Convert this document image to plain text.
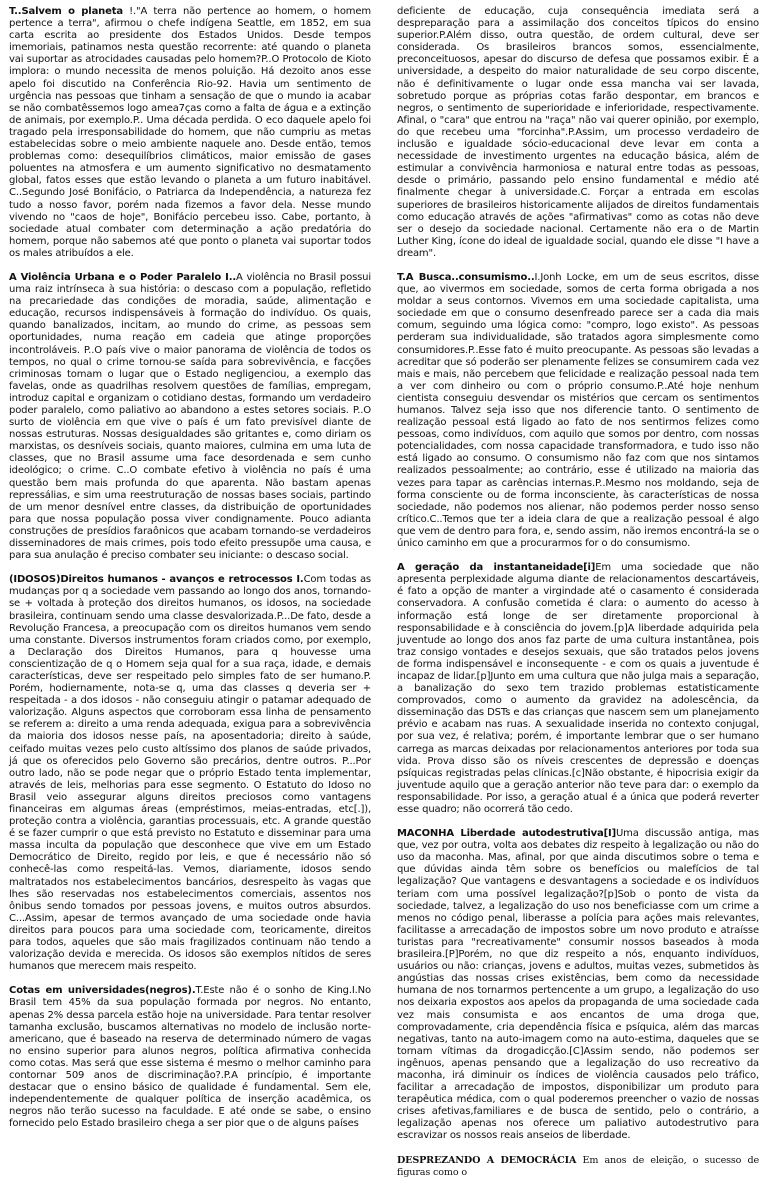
T..Salvem o planeta !."A terra não pertence ao homem, o homem pertence a terra", afirmou o chefe indígena Seattle, em 1852, em sua carta escrita ao presidente dos Estados Unidos. Desde tempos imemoriais, patinamos nesta questão recorrente: até quando o planeta vai suportar as atrocidades causadas pelo homem?P..O Protocolo de Kioto implora: o mundo necessita de menos poluição. Há dezoito anos esse apelo foi discutido na Conferência Rio-92. Havia um sentimento de urgência nas pessoas que tinham a sensação de que o mundo ia acabar se não combatêssemos logo amea7ças como a falta de água e a extinção de animais, por exemplo.P.. Uma década perdida. O eco daquele apelo foi tragado pela irresponsabilidade do homem, que não cumpriu as metas estabelecidas sobre o meio ambiente naquele ano. Desde então, temos problemas como: desequilíbrios climáticos, maior emissão de gases poluentes na atmosfera e um aumento significativo no desmatamento global, fatos esses que estão levando o planeta a um futuro inabitável. C..Segundo José Bonifácio, o Patriarca da Independência, a natureza fez tudo a nosso favor, porém nada fizemos a favor dela. Nesse mundo vivendo no "caos de hoje", Bonifácio percebeu isso. Cabe, portanto, à sociedade atual combater com determinação a ação predatória do homem, porque não sabemos até que ponto o planeta vai suportar todos os males atribuídos a ele.

A Violência Urbana e o Poder Paralelo I..A violência no Brasil possui uma raiz intrínseca à sua história: o descaso com a população, refletido na precariedade das condições de moradia, saúde, alimentação e educação, recursos indispensáveis à formação do indivíduo. Os quais, quando banalizados, incitam, ao mundo do crime, as pessoas sem oportunidades, numa reação em cadeia que atinge proporções incontroláveis. P..O país vive o maior panorama de violência de todos os tempos, no qual o crime tornou-se saída para sobrevivência, e facções criminosas tomam o lugar que o Estado negligenciou, a exemplo das favelas, onde as quadrilhas resolvem questões de famílias, empregam, introduz capital e organizam o cotidiano destas, formando um verdadeiro poder paralelo, como paliativo ao abandono a estes setores sociais. P..O surto de violência em que vive o país é um fato previsível diante de nossas estruturas. Nossas desigualdades são gritantes e, como diriam os marxistas, os desníveis sociais, quanto maiores, culmina em uma luta de classes, que no Brasil assume uma face desordenada e sem cunho ideológico; o crime. C..O combate efetivo à violência no país é uma questão bem mais profunda do que aparenta. Não bastam apenas repressálias, e sim uma reestruturação de nossas bases sociais, partindo de um menor desnível entre classes, da distribuição de oportunidades para que nossa população possa viver condignamente. Pouco adianta construções de presídios faraônicos que acabam tornando-se verdadeiros disseminadores de mais crimes, pois todo efeito pressupõe uma causa, e para sua anulação é preciso combater seu iniciante: o descaso social.

(IDOSOS)Direitos humanos - avanços e retrocessos I.Com todas as mudanças por q a sociedade vem passando ao longo dos anos, tornando-se + voltada à proteção dos direitos humanos, os idosos, na sociedade brasileira, continuam sendo uma classe desvalorizada.P...De fato, desde a Revolução Francesa, a preocupação com os direitos humanos vem sendo uma constante. Diversos instrumentos foram criados como, por exemplo, a Declaração dos Direitos Humanos, para q houvesse uma conscientização de q o Homem seja qual for a sua raça, idade, e demais características, deve ser respeitado pelo simples fato de ser humano.P. Porém, hodiernamente, nota-se q, uma das classes q deveria ser + respeitada - a dos idosos - não conseguiu atingir o patamar adequado de valorização. Alguns aspectos que corroboram essa linha de pensamento se referem a: direito a uma renda adequada, exigua para a sobrevivência da maioria dos idosos nesse país, na aposentadoria; direito à saúde, ceifado muitas vezes pelo custo altíssimo dos planos de saúde privados, já que os oferecidos pelo Governo são precários, dentre outros. P...Por outro lado, não se pode negar que o próprio Estado tenta implementar, através de leis, melhorias para esse segmento. O Estatuto do Idoso no Brasil veio assegurar alguns direitos preciosos como vantagens financeiras em algumas áreas (empréstimos, meias-entradas, etc[.]), proteção contra a violência, garantias processuais, etc. A grande questão é se fazer cumprir o que está previsto no Estatuto e disseminar para uma massa inculta da população que desconhece que vive em um Estado Democrático de Direito, regido por leis, e que é necessário não só conhecê-las como respeitá-las. Vemos, diariamente, idosos sendo maltratados nos estabelecimentos bancários, desrespeito às vagas que lhes são reservadas nos estabelecimentos comerciais, assentos nos ônibus sendo tomados por pessoas jovens, e muitos outros absurdos. C...Assim, apesar de termos avançado de uma sociedade onde havia direitos para poucos para uma sociedade com, teoricamente, direitos para todos, aqueles que são mais fragilizados continuam não tendo a valorização devida e merecida. Os idosos são exemplos nítidos de seres humanos que merecem mais respeito.

Cotas em universidades(negros).T.Este não é o sonho de King.I.No Brasil tem 45% da sua população formada por negros. No entanto, apenas 2% dessa parcela estão hoje na universidade. Para tentar resolver tamanha exclusão, buscamos alternativas no modelo de inclusão norte-americano, que é baseado na reserva de determinado número de vagas no ensino superior para alunos negros, política afirmativa conhecida como cotas. Mas será que esse sistema é mesmo o melhor caminho para contornar 509 anos de discriminação?.P.A princípio, é importante destacar que o ensino básico de qualidade é fundamental. Sem ele, independentemente de qualquer política de inserção acadêmica, os negros não terão sucesso na faculdade. E até onde se sabe, o ensino fornecido pelo Estado brasileiro chega a ser pior que o de alguns países

deficiente de educação, cuja consequência imediata será a despreparação para a assimilação dos conceitos típicos do ensino superior.P.Além disso, outra questão, de ordem cultural, deve ser considerada. Os brasileiros brancos somos, essencialmente, preconceituosos, apesar do discurso de defesa que possamos exibir. É a universidade, a despeito do maior naturalidade de seu corpo discente, não é definitivamente o lugar onde essa mancha vai ser lavada, sobretudo porque as próprias cotas farão despontar, em brancos e negros, o sentimento de superioridade e inferioridade, respectivamente. Afinal, o "cara" que entrou na "raça" não vai querer opinião, por exemplo, do que recebeu uma "forcinha".P.Assim, um processo verdadeiro de inclusão e igualdade sócio-educacional deve levar em conta a necessidade de investimento urgentes na educação básica, além de estimular a convivência harmoniosa e natural entre todas as pessoas, desde o primário, passando pelo ensino fundamental e médio até finalmente chegar à universidade.C. Forçar a entrada em escolas superiores de brasileiros historicamente alijados de direitos fundamentais como educação através de ações "afirmativas" como as cotas não deve ser o desejo da sociedade nacional. Certamente não era o de Martin Luther King, ícone do ideal de igualdade social, quando ele disse "I have a dream".

T.A Busca..consumismo..I.Jonh Locke, em um de seus escritos, disse que, ao vivermos em sociedade, somos de certa forma obrigada a nos moldar a seus contornos. Vivemos em uma sociedade capitalista, uma sociedade em que o consumo desenfreado parece ser a cada dia mais comum, seguindo uma lógica como: "compro, logo existo". As pessoas perderam sua individualidade, são tratados agora simplesmente como consumidores.P..Esse fato é muito preocupante. As pessoas são levadas a acreditar que só poderão ser plenamente felizes se consumirem cada vez mais e mais, não percebem que felicidade e realização pessoal nada tem a ver com dinheiro ou com o próprio consumo.P..Até hoje nenhum cientista conseguiu desvendar os mistérios que cercam os sentimentos humanos. Talvez seja isso que nos diferencie tanto. O sentimento de realização pessoal está ligado ao fato de nos sentirmos felizes como pessoas, como indivíduos, com aquilo que somos por dentro, com nossas potencialidades, com nossa capacidade transformadora, e tudo isso não está ligado ao consumo. O consumismo não faz com que nos sintamos realizados pessoalmente; ao contrário, esse é utilizado na maioria das vezes para tapar as carências internas.P..Mesmo nos moldando, seja de forma consciente ou de forma inconsciente, às características de nossa sociedade, não podemos nos alienar, não podemos perder nosso senso crítico.C..Temos que ter a ideia clara de que a realização pessoal é algo que vem de dentro para fora, e, sendo assim, não iremos encontrá-la se o único caminho em que a procurarmos for o do consumismo.

A geração da instantaneidade[i]Em uma sociedade que não apresenta perplexidade alguma diante de relacionamentos descartáveis, é fato a opção de manter a virgindade até o casamento é considerada conservadora. A confusão cometida é clara: o aumento do acesso à informação está longe de ser diretamente proporcional à responsabilidade e à consciência do jovem.[p]A liberdade adquirida pela juventude ao longo dos anos faz parte de uma cultura instantânea, pois traz consigo vontades e desejos sexuais, que são tratados pelos jovens de forma indispensável e inconsequente - e com os quais a juventude é incapaz de lidar.[p]Junto em uma cultura que não julga mais a separação, a banalização do sexo tem trazido problemas estatisticamente comprovados, como o aumento da gravidez na adolescência, da disseminação das DSTs e das crianças que nascem sem um planejamento prévio e acabam nas ruas. A sexualidade inserida no contexto conjugal, por sua vez, é relativa; porém, é importante lembrar que o ser humano carrega as marcas deixadas por relacionamentos anteriores por toda sua vida. Prova disso são os níveis crescentes de depressão e doenças psíquicas registradas pelas clínicas.[c]Não obstante, é hipocrisia exigir da juventude aquilo que a geração anterior não teve para dar: o exemplo da responsabilidade. Por isso, a geração atual é a única que poderá reverter esse quadro; não ocorrerá tão cedo.

MACONHA Liberdade autodestrutiva[I]Uma discussão antiga, mas que, vez por outra, volta aos debates diz respeito à legalização ou não do uso da maconha. Mas, afinal, por que ainda discutimos sobre o tema e que dúvidas ainda têm sobre os benefícios ou malefícios de tal legalização? Que vantagens e desvantagens a sociedade e os indivíduos teriam com uma possível legalização?[p]Sob o ponto de vista da sociedade, talvez, a legalização do uso nos beneficiasse com um crime a menos no código penal, liberasse a polícia para ações mais relevantes, facilitasse a arrecadação de impostos sobre um novo produto e atraísse turistas para "recreativamente" consumir nossos baseados à moda brasileira.[P]Porém, no que diz respeito a nós, enquanto indivíduos, usuários ou não: crianças, jovens e adultos, muitas vezes, submetidos às angústias das nossas crises existências, bem como da necessidade humana de nos tornarmos pertencente a um grupo, a legalização do uso nos deixaria expostos aos apelos da propaganda de uma sociedade cada vez mais consumista e aos encantos de uma droga que, comprovadamente, cria dependência física e psíquica, além das marcas negativas, tanto na auto-imagem como na auto-estima, daqueles que se tornam vítimas da drogadicção.[C]Assim sendo, não podemos ser ingênuos, apenas pensando que a legalização do uso recreativo da maconha, irá diminuir os índices de violência causados pelo tráfico, facilitar a arrecadação de impostos, disponibilizar um produto para terapêutica médica, com o qual poderemos preencher o vazio de nossas crises afetivas,familiares e de busca de sentido, pelo o contrário, a legalização apenas nos oferece um paliativo autodestrutivo para escravizar os nossos reais anseios de liberdade.

DESPREZANDO A DEMOCRÁCIA Em anos de eleição, o sucesso de figuras como o
